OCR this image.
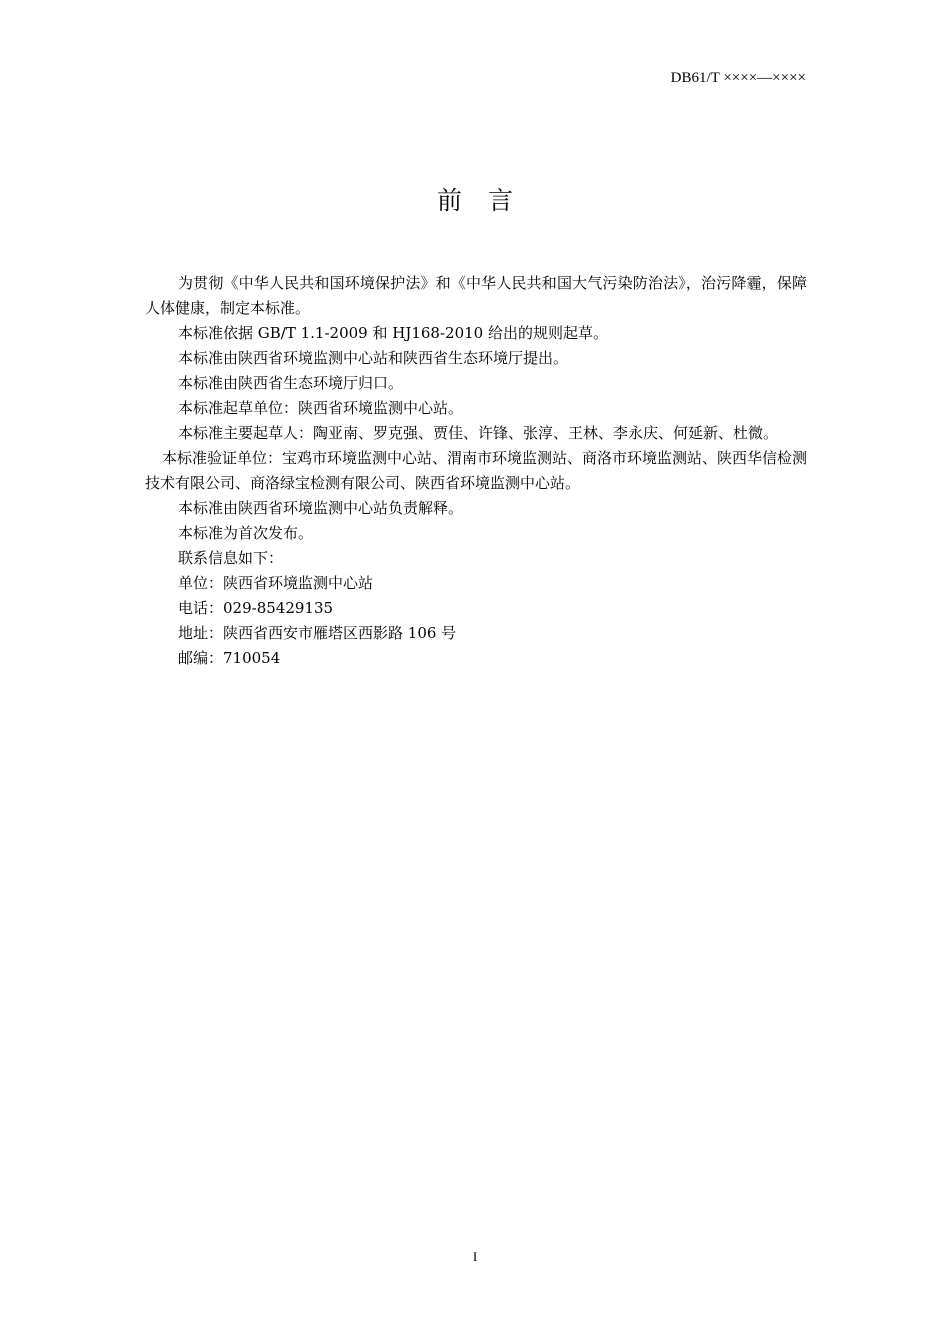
DB61/T ××××—××××
前言

为贯彻《中华人民共和国环境保护法》和《中华人民共和国大气污染防治法》，治污降霾，保障人体健康，制定本标准。

本标准依据 GB/T 1.1-2009 和 HJ168-2010 给出的规则起草。

本标准由陕西省环境监测中心站和陕西省生态环境厅提出。

本标准由陕西省生态环境厅归口。

本标准起草单位：陕西省环境监测中心站。

本标准主要起草人：陶亚南、罗克强、贾佳、许锋、张淳、王林、李永庆、何延新、杜微。

本标准验证单位：宝鸡市环境监测中心站、渭南市环境监测站、商洛市环境监测站、陕西华信检测技术有限公司、商洛绿宝检测有限公司、陕西省环境监测中心站。

本标准由陕西省环境监测中心站负责解释。

本标准为首次发布。

联系信息如下：

单位：陕西省环境监测中心站

电话：029-85429135

地址：陕西省西安市雁塔区西影路 106 号

邮编：710054

I
